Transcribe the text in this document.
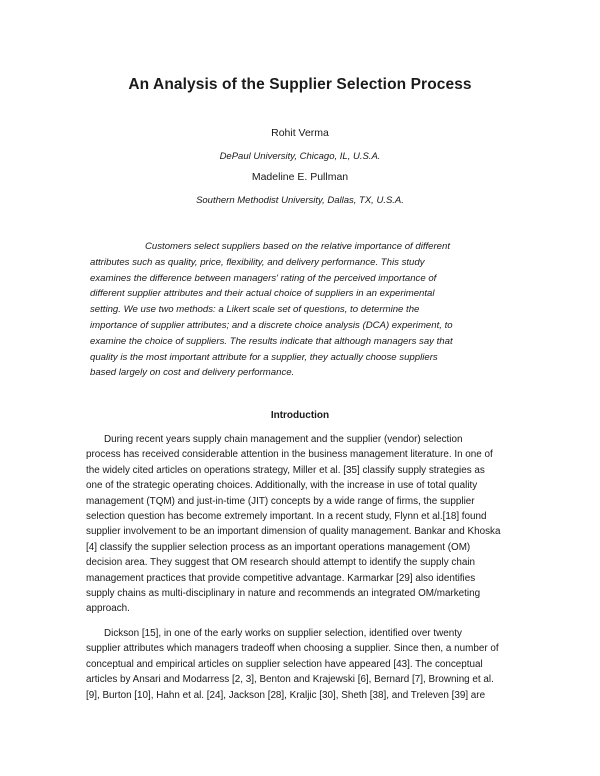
An Analysis of the Supplier Selection Process
Rohit Verma
DePaul University, Chicago, IL, U.S.A.
Madeline E. Pullman
Southern Methodist University, Dallas, TX, U.S.A.
Customers select suppliers based on the relative importance of different
attributes such as quality, price, flexibility, and delivery performance. This study
examines the difference between managers' rating of the perceived importance of
different supplier attributes and their actual choice of suppliers in an experimental
setting. We use two methods: a Likert scale set of questions, to determine the
importance of supplier attributes; and a discrete choice analysis (DCA) experiment, to
examine the choice of suppliers. The results indicate that although managers say that
quality is the most important attribute for a supplier, they actually choose suppliers
based largely on cost and delivery performance.
Introduction

During recent years supply chain management and the supplier (vendor) selection
process has received considerable attention in the business management literature. In one of
the widely cited articles on operations strategy, Miller et al. [35] classify supply strategies as
one of the strategic operating choices. Additionally, with the increase in use of total quality
management (TQM) and just-in-time (JIT) concepts by a wide range of firms, the supplier
selection question has become extremely important. In a recent study, Flynn et al.[18] found
supplier involvement to be an important dimension of quality management. Bankar and Khoska
[4] classify the supplier selection process as an important operations management (OM)
decision area. They suggest that OM research should attempt to identify the supply chain
management practices that provide competitive advantage. Karmarkar [29] also identifies
supply chains as multi-disciplinary in nature and recommends an integrated OM/marketing
approach.

Dickson [15], in one of the early works on supplier selection, identified over twenty
supplier attributes which managers tradeoff when choosing a supplier. Since then, a number of
conceptual and empirical articles on supplier selection have appeared [43]. The conceptual
articles by Ansari and Modarress [2, 3], Benton and Krajewski [6], Bernard [7], Browning et al.
[9], Burton [10], Hahn et al. [24], Jackson [28], Kraljic [30], Sheth [38], and Treleven [39] are
